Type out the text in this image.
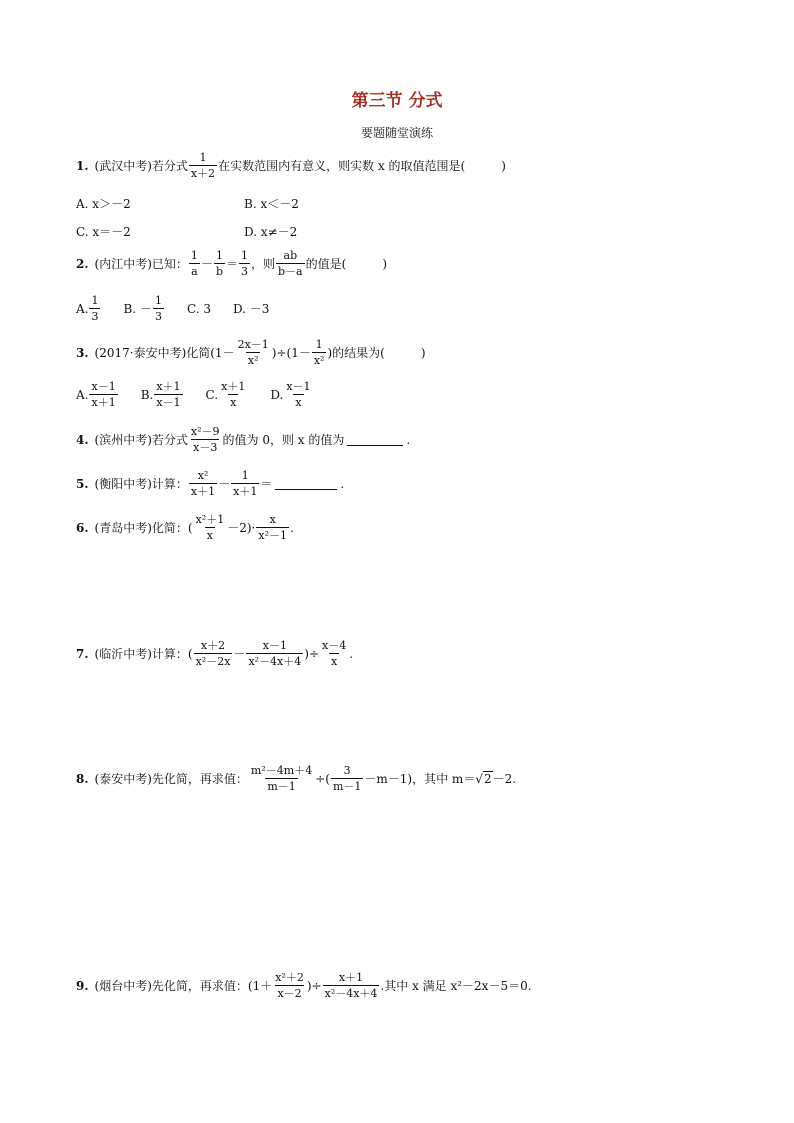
第三节 分式
要题随堂演练
1. (武汉中考) 若分式 $\frac{1}{x+2}$ 在实数范围内有意义，则实数 x 的取值范围是(	)
A. x＞－2	B. x＜－2
C. x＝－2	D. x≠－2
2. (内江中考) 已知： $\frac{1}{a} - \frac{1}{b} = \frac{1}{3}$ ，则 $\frac{ab}{b-a}$ 的值是(	)
A. $\frac{1}{3} B$. － $\frac{1}{3} C$. 3 D. －3
3. (2017·泰安中考) 化简$(1- \frac{2x-1}{\text{x²}} )\div(1- \frac{1}{\text{x²}}$ )的结果为(	)
A. $\frac{x-1}{x+1} B$. $\frac{x+1}{x-1} C$. $\frac{x+1}{x} D$. $\frac{x-1}{x}$
4. (滨州中考) 若分式 $\frac{\text{x²－9}}{x-3}$ 的值为 0，则 x 的值为	.
5. (衡阳中考) 计算： $\frac{\text{x²}}{x+1} - \frac{1}{x+1}$ ＝	.
6. (青岛中考) 化简：( $\frac{\text{x²＋1}}{x} -2)\cdot \frac{x}{\text{x²－1}}$ .
7. (临沂中考) 计算：( $\frac{x+2}{\text{x²－2x}} - \frac{x-1}{\text{x²－4x＋4}}$ )÷ $\frac{x-4}{x}$ .
8. (泰安中考) 先化简，再求值： $\frac{\text{m²－4m＋4}}{m-1}$ ÷( $\frac{3}{m-1} -m-1$)，其中 m＝ √ 2 －2.
9. (烟台中考) 先化简，再求值：($1+ \frac{\text{x²＋2}}{x-2}$ )÷ $\frac{x+1}{\text{x²－4x＋4}}$ .其中 x 满足 x²－2x－5＝0.
